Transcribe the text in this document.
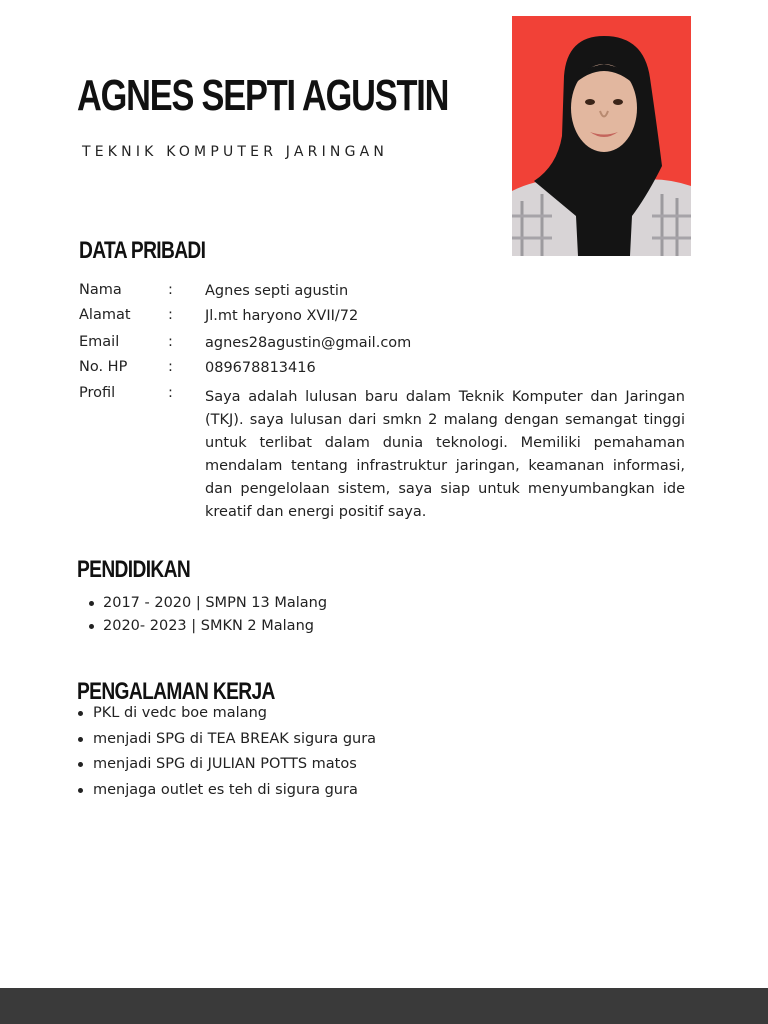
AGNES SEPTI AGUSTIN
TEKNIK KOMPUTER JARINGAN
DATA PRIBADI
Nama	: Agnes septi agustin
Alamat	: Jl.mt haryono XVII/72
Email	: agnes28agustin@gmail.com
No. HP	: 089678813416
Profil	: Saya adalah lulusan baru dalam Teknik Komputer dan Jaringan (TKJ). saya lulusan dari smkn 2 malang dengan semangat tinggi untuk terlibat dalam dunia teknologi. Memiliki pemahaman mendalam tentang infrastruktur jaringan, keamanan informasi, dan pengelolaan sistem, saya siap untuk menyumbangkan ide kreatif dan energi positif saya.

PENDIDIKAN
2017 - 2020 | SMPN 13 Malang
2020- 2023 | SMKN 2 Malang
PENGALAMAN KERJA
PKL di vedc boe malang
menjadi SPG di TEA BREAK sigura gura
menjadi SPG di JULIAN POTTS matos
menjaga outlet es teh di sigura gura
